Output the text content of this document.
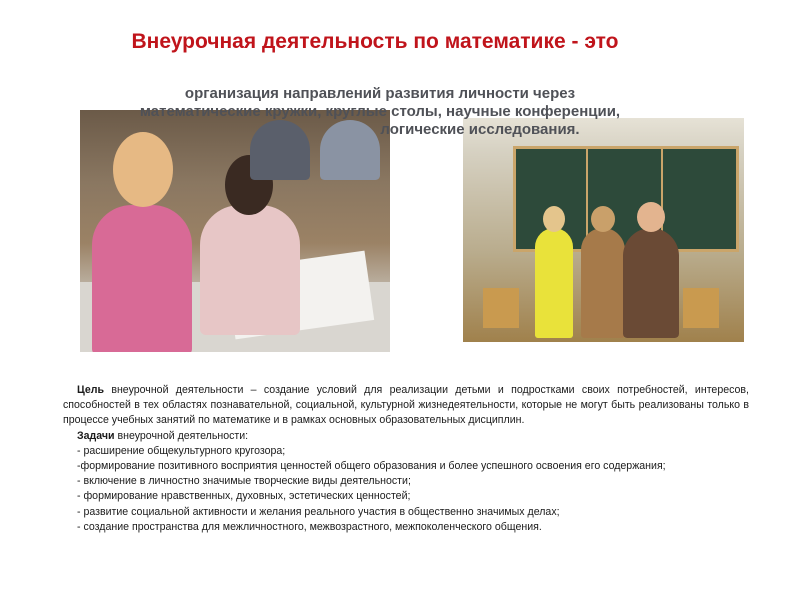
Внеурочная деятельность по математике - это
организация направлений развития личности через
математические кружки, круглые столы, научные конференции,
логические исследования.

Цель внеурочной деятельности – создание условий для реализации детьми и подростками своих потребностей, интересов, способностей в тех областях познавательной, социальной, культурной жизнедеятельности, которые не могут быть реализованы только в процессе учебных занятий по математике и в рамках основных образовательных дисциплин.

Задачи внеурочной деятельности:

- расширение общекультурного кругозора;

-формирование позитивного восприятия ценностей общего образования и более успешного освоения его содержания;

- включение в личностно значимые творческие виды деятельности;

- формирование нравственных, духовных, эстетических ценностей;

- развитие социальной активности и желания реального участия в общественно значимых делах;

- создание пространства для межличностного, межвозрастного, межпоколенческого общения.
